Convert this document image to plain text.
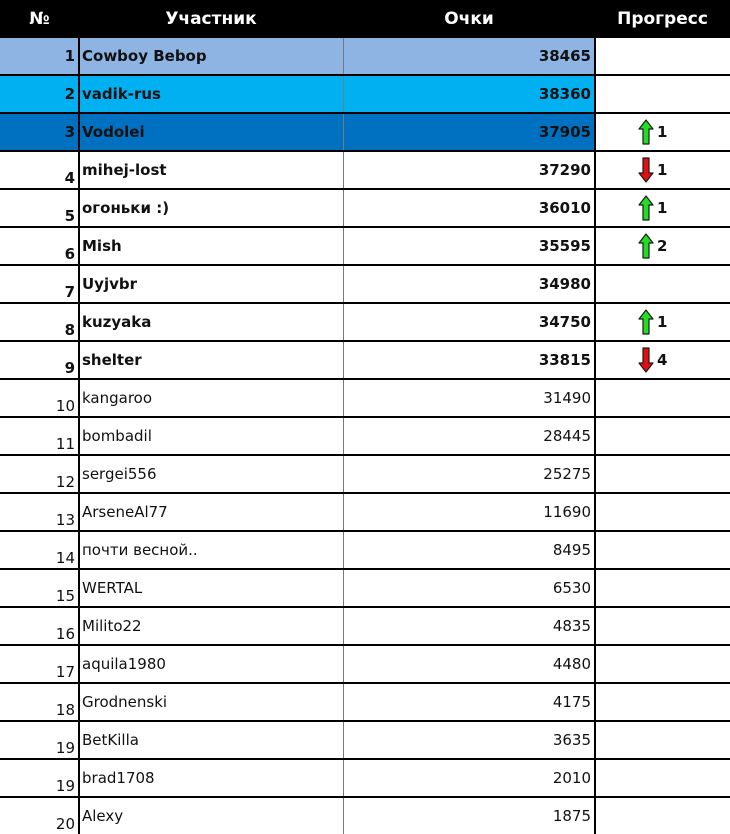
№	Участник	Очки	Прогресс
1	Cowboy Bebop	38465	
2	vadik-rus	38360	
3	Vodolei	37905	1
4	mihej-lost	37290	1
5	огоньки :)	36010	1
6	Mish	35595	2
7	Uyjvbr	34980	
8	kuzyaka	34750	1
9	shelter	33815	4
10	kangaroo	31490	
11	bombadil	28445	
12	sergei556	25275	
13	ArseneAl77	11690	
14	почти весной..	8495	
15	WERTAL	6530	
16	Milito22	4835	
17	aquila1980	4480	
18	Grodnenski	4175	
19	BetKilla	3635	
19	brad1708	2010	
20	Alexy	1875	
